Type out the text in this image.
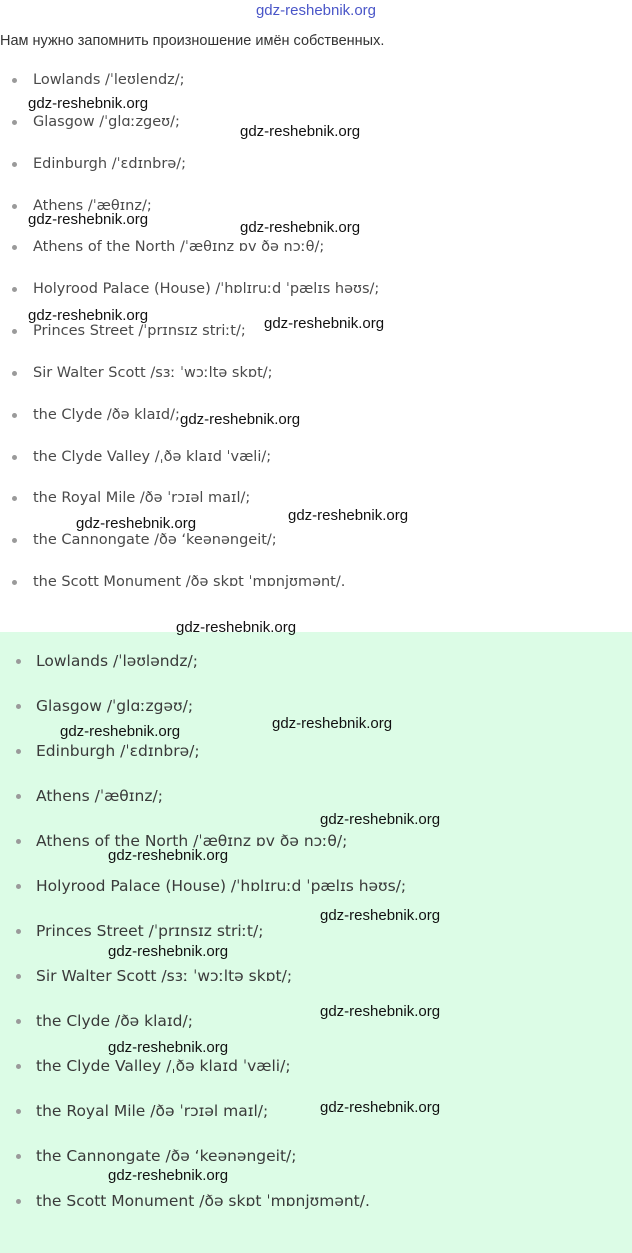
gdz-reshebnik.org
Нам нужно запомнить произношение имён собственных.
Lowlands /ˈleʊlendz/;
Glasgow /ˈglɑːzgeʊ/;
Edinburgh /ˈɛdɪnbrə/;
Athens /ˈæθɪnz/;
Athens of the North /ˈæθɪnz ɒv ðə nɔːθ/;
Holyrood Palace (House) /ˈhɒlɪruːd ˈpælɪs həʊs/;
Princes Street /ˈprɪnsɪz striːt/;
Sir Walter Scott /sɜː ˈwɔːltə skɒt/;
the Clyde /ðə klaɪd/;
the Clyde Valley /ˌðə klaɪd ˈvæli/;
the Royal Mile /ðə ˈrɔɪəl maɪl/;
the Cannongate /ðə ‘keənəngeit/;
the Scott Monument /ðə skɒt ˈmɒnjʊmənt/.
Lowlands /ˈləʊləndz/;
Glasgow /ˈglɑːzgəʊ/;
Edinburgh /ˈɛdɪnbrə/;
Athens /ˈæθɪnz/;
Athens of the North /ˈæθɪnz ɒv ðə nɔːθ/;
Holyrood Palace (House) /ˈhɒlɪruːd ˈpælɪs həʊs/;
Princes Street /ˈprɪnsɪz striːt/;
Sir Walter Scott /sɜː ˈwɔːltə skɒt/;
the Clyde /ðə klaɪd/;
the Clyde Valley /ˌðə klaɪd ˈvæli/;
the Royal Mile /ðə ˈrɔɪəl maɪl/;
the Cannongate /ðə ‘keənəngeit/;
the Scott Monument /ðə skɒt ˈmɒnjʊmənt/.
gdz-reshebnik.org
gdz-reshebnik.org
gdz-reshebnik.org	gdz-reshebnik.org
gdz-reshebnik.org	gdz-reshebnik.org
gdz-reshebnik.org
gdz-reshebnik.org
gdz-reshebnik.org
gdz-reshebnik.org
gdz-reshebnik.org
gdz-reshebnik.org
gdz-reshebnik.org
gdz-reshebnik.org
gdz-reshebnik.org
gdz-reshebnik.org
gdz-reshebnik.org
gdz-reshebnik.org
gdz-reshebnik.org
gdz-reshebnik.org
